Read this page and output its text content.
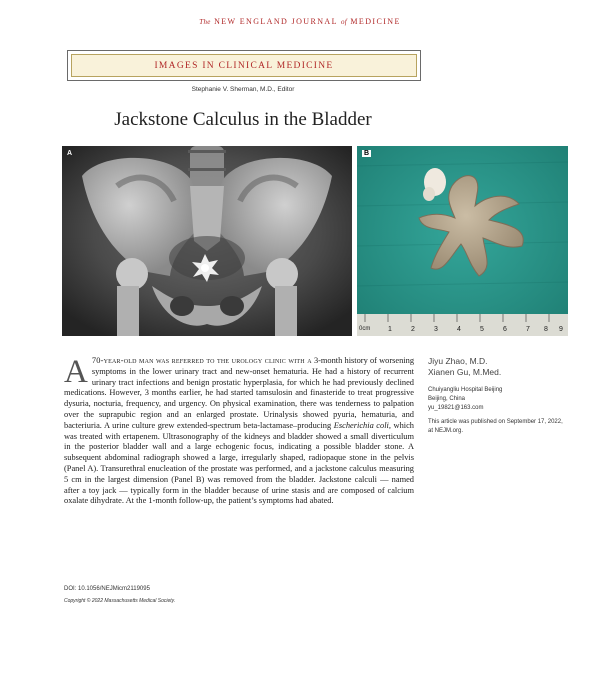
The NEW ENGLAND JOURNAL of MEDICINE
IMAGES IN CLINICAL MEDICINE
Stephanie V. Sherman, M.D., Editor
Jackstone Calculus in the Bladder
A
0cm	1	2	3	4	5	6	7 8 9
B
A 70-year-old man was referred to the urology clinic with a 3-month history of worsening symptoms in the lower urinary tract and new-onset hematuria. He had a history of recurrent urinary tract infections and benign prostatic hyperplasia, for which he had previously declined medications. However, 3 months earlier, he had started tamsulosin and finasteride to treat progressive dysuria, nocturia, frequency, and urgency. On physical examination, there was tenderness to palpation over the suprapubic region and an enlarged prostate. Urinalysis showed pyuria, hematuria, and bacteriuria. A urine culture grew extended-spectrum beta-lactamase–producing Escherichia coli, which was treated with ertapenem. Ultrasonography of the kidneys and bladder showed a small diverticulum in the posterior bladder wall and a large echogenic focus, indicating a possible bladder stone. A subsequent abdominal radiograph showed a large, irregularly shaped, radiopaque stone in the pelvis (Panel A). Transurethral enucleation of the prostate was performed, and a jackstone calculus measuring 5 cm in the largest dimension (Panel B) was removed from the bladder. Jackstone calculi — named after a toy jack — typically form in the bladder because of urine stasis and are composed of calcium oxalate dihydrate. At the 1-month follow-up, the patient’s symptoms had abated.
Jiyu Zhao, M.D.
Xianen Gu, M.Med.
Chuiyangliu Hospital Beijing
Beijing, China
yu_19821@163.com
This article was published on September 17, 2022, at NEJM.org.
DOI: 10.1056/NEJMicm2119095
Copyright © 2022 Massachusetts Medical Society.
